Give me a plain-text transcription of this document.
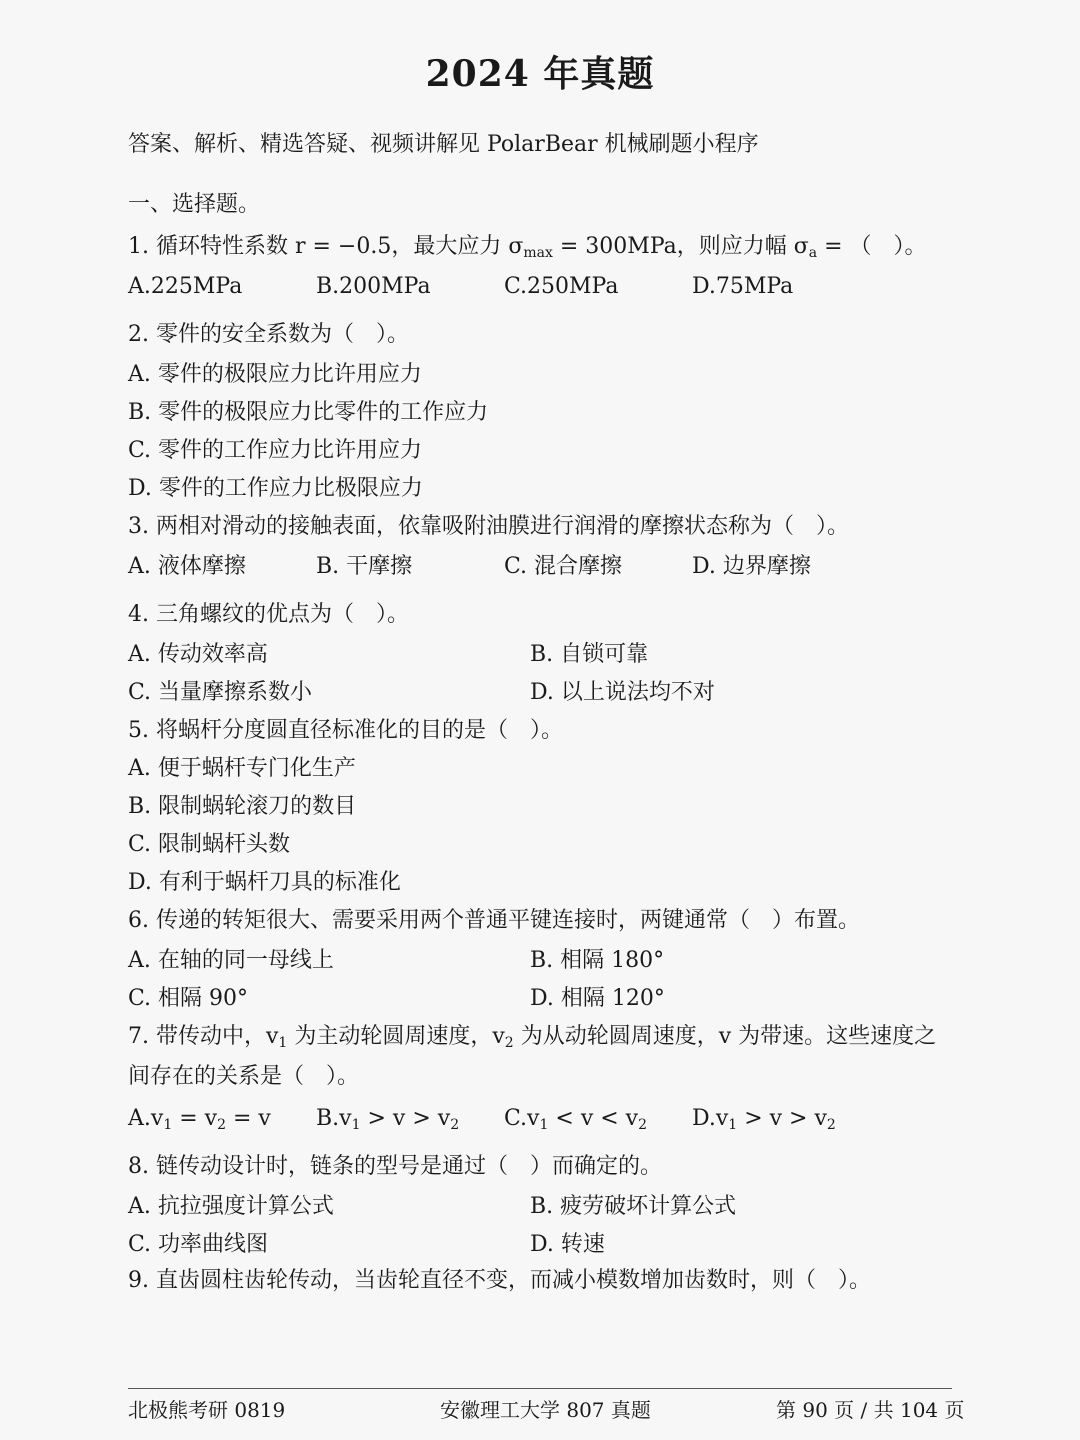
2024 年真题
答案、解析、精选答疑、视频讲解见 PolarBear 机械刷题小程序
一、选择题。
1. 循环特性系数 r = −0.5，最大应力 $\sigma_{max} = 300MPa$，则应力幅 $\sigma_a$ = （　）。
A.225MPa	B.200MPa	C.250MPa	D.75MPa
2. 零件的安全系数为（　）。
A. 零件的极限应力比许用应力
B. 零件的极限应力比零件的工作应力
C. 零件的工作应力比许用应力
D. 零件的工作应力比极限应力
3. 两相对滑动的接触表面，依靠吸附油膜进行润滑的摩擦状态称为（　）。
A. 液体摩擦	B. 干摩擦	C. 混合摩擦	D. 边界摩擦
4. 三角螺纹的优点为（　）。
A. 传动效率高	B. 自锁可靠
C. 当量摩擦系数小	D. 以上说法均不对
5. 将蜗杆分度圆直径标准化的目的是（　）。
A. 便于蜗杆专门化生产
B. 限制蜗轮滚刀的数目
C. 限制蜗杆头数
D. 有利于蜗杆刀具的标准化
6. 传递的转矩很大、需要采用两个普通平键连接时，两键通常（　）布置。
A. 在轴的同一母线上	B. 相隔 180°
C. 相隔 90°	D. 相隔 120°
7. 带传动中，$v_1$ 为主动轮圆周速度，$v_2$ 为从动轮圆周速度，v 为带速。这些速度之
间存在的关系是（　）。
$A.v_1 = v_2 = v$ $B.v_1 > v > v_2$ $C.v_1 < v < v_2$ $D.v_1 > v > v_2$
8. 链传动设计时，链条的型号是通过（　）而确定的。
A. 抗拉强度计算公式	B. 疲劳破坏计算公式
C. 功率曲线图	D. 转速
9. 直齿圆柱齿轮传动，当齿轮直径不变，而减小模数增加齿数时，则（　）。
北极熊考研 0819	安徽理工大学 807 真题	第 90 页 / 共 104 页
